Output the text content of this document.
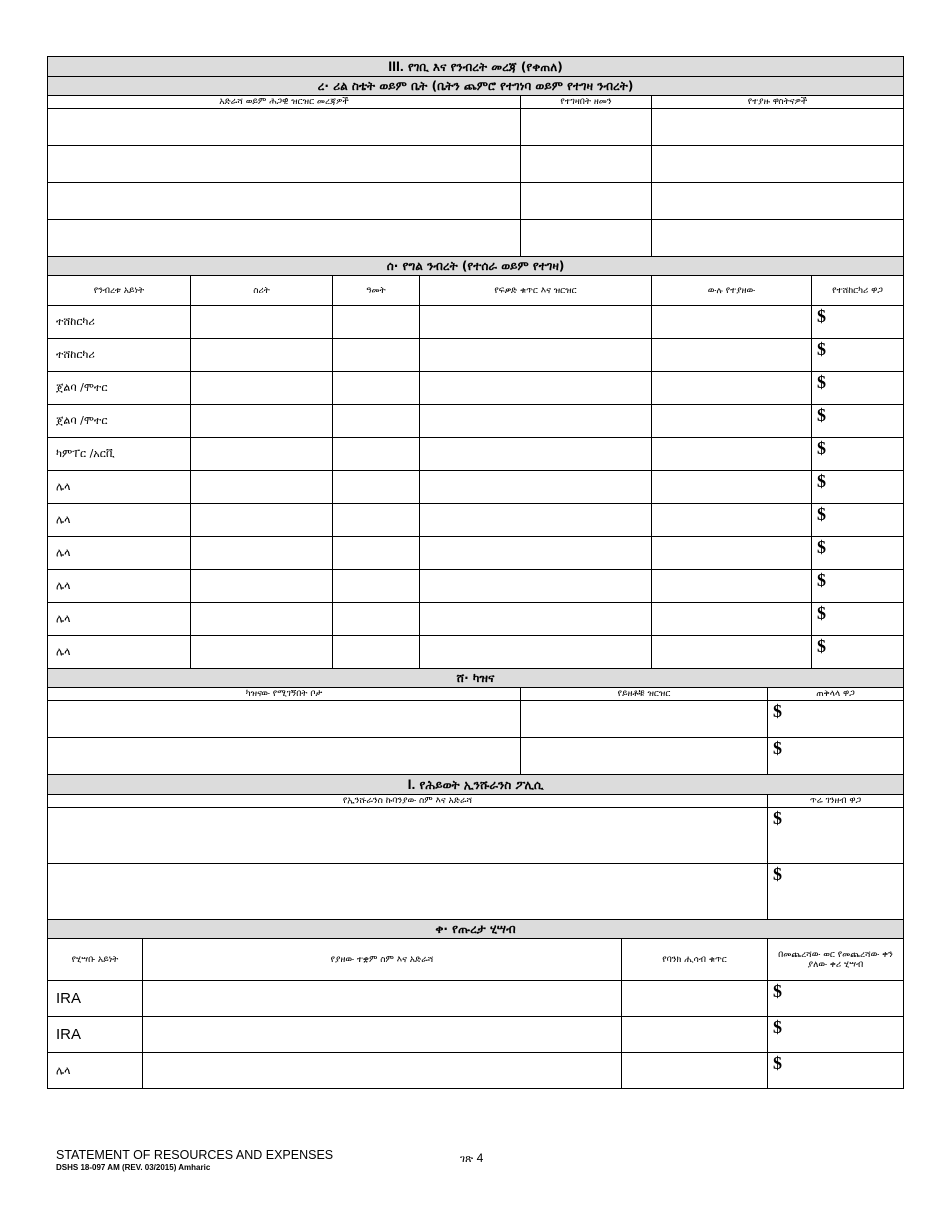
III. የገቢ እና የንብረት መረጃ (የቀጠለ)		
ረ· ሪል ስቴት ወይም ቤት (ቤትን ጨምሮ የተገነባ ወይም የተገዛ ንብረት)		
አድራሻ ወይም ሕጋዊ ዝርዝር መረጃዎች	የተገዛበት ዘመን	የተያዙ ዋስትናዎች

ሰ· የግል ንብረት (የተሰራ ወይም የተገዛ)					
የንብረቱ አይነት	ስሪት	ዓመት	የፍቃድ ቁጥር እና ዝርዝር	ውሉ የተያዘው	የተሸከርካሪ ዋጋ
ተሸከርካሪ					$
ተሸከርካሪ					$
ጀልባ /ሞተር					$
ጀልባ /ሞተር					$
ካምፐር /አርቪ					$
ሌላ					$
ሌላ					$
ሌላ					$
ሌላ					$
ሌላ					$
ሌላ					$
ሸ· ካዝና		
ካዝናው የሚገኝበት ቦታ	የይዘቶቹ ዝርዝር	ጠቅላላ ዋጋ
		$
		$
I. የሕይወት ኢንሹራንስ ፖሊሲ	
የኢንሹራንስ ኩባንያው ስም እና አድራሻ	ጥሬ ገንዘብ ዋጋ
	$
	$
ቀ· የጡረታ ሂሣብ			
የሂሣቡ አይነት	የያዘው ተቋም ስም እና አድራሻ	የባንክ ሒሳብ ቁጥር	በመጨረሻው ወር የመጨረሻው ቀን ያለው ቀሪ ሂሣብ
IRA			$
IRA			$
ሌላ			$
STATEMENT OF RESOURCES AND EXPENSES
DSHS 18-097 AM (REV. 03/2015) Amharic
ገጽ 4
